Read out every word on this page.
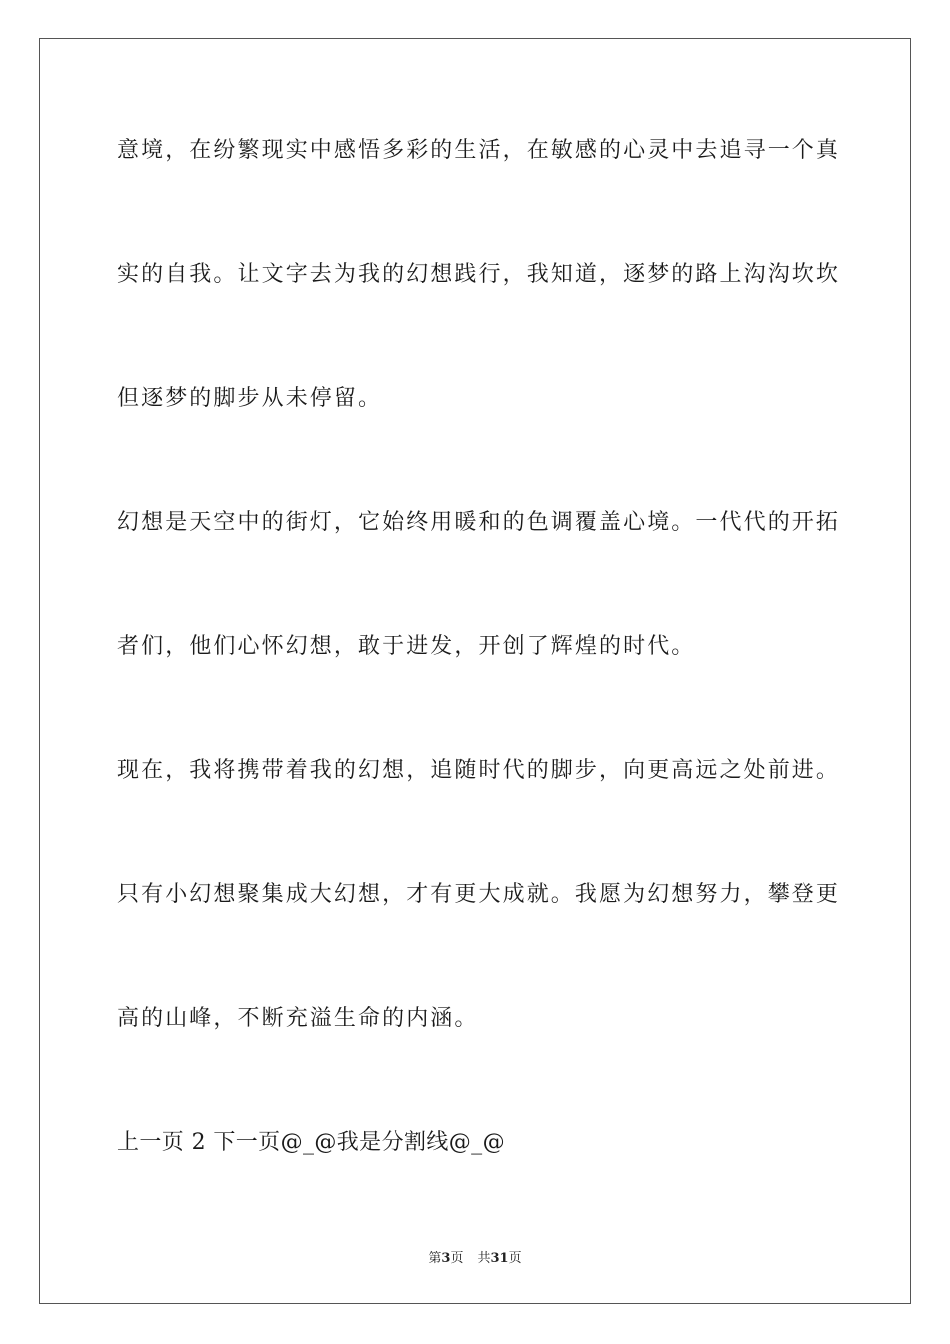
意境，在纷繁现实中感悟多彩的生活，在敏感的心灵中去追寻一个真
实的自我。让文字去为我的幻想践行，我知道，逐梦的路上沟沟坎坎
但逐梦的脚步从未停留。
幻想是天空中的街灯，它始终用暖和的色调覆盖心境。一代代的开拓
者们，他们心怀幻想，敢于进发，开创了辉煌的时代。
现在，我将携带着我的幻想，追随时代的脚步，向更高远之处前进。
只有小幻想聚集成大幻想，才有更大成就。我愿为幻想努力，攀登更
高的山峰，不断充溢生命的内涵。
上一页 2 下一页@_@我是分割线@_@
第3页 共31页
